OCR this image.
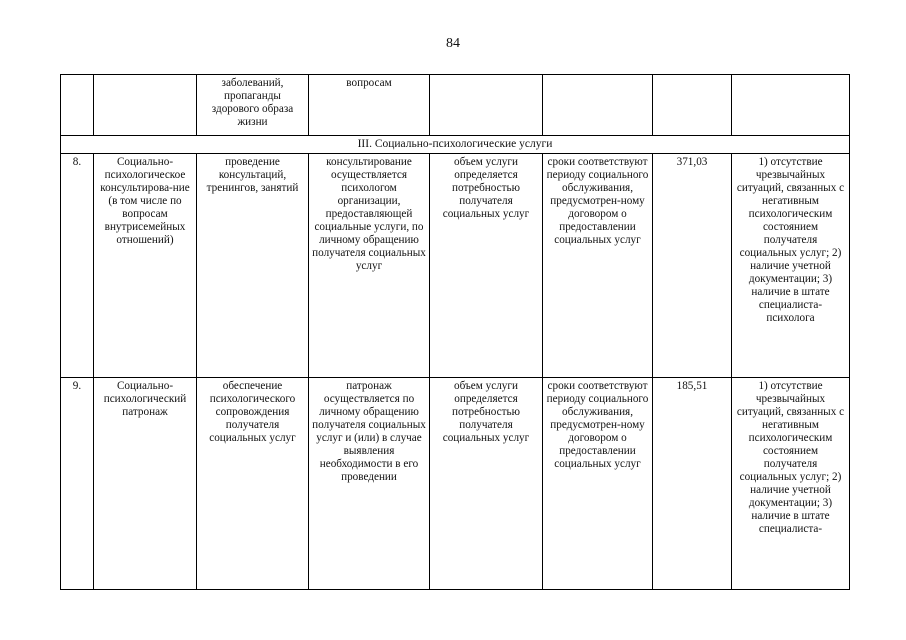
84
		заболеваний, пропаганды здорового образа жизни	вопросам				
III. Социально-психологические услуги							
8.	Социально-психологическое консультирова-ние (в том числе по вопросам внутрисемейных отношений)	проведение консультаций, тренингов, занятий	консультирование осуществляется психологом организации, предоставляющей социальные услуги, по личному обращению получателя социальных услуг	объем услуги определяется потребностью получателя социальных услуг	сроки соответствуют периоду социального обслуживания, предусмотрен-ному договором о предоставлении социальных услуг	371,03	1) отсутствие чрезвычайных ситуаций, связанных с негативным психологическим состоянием получателя социальных услуг; 2) наличие учетной документации; 3) наличие в штате специалиста-психолога
9.	Социально-психологический патронаж	обеспечение психологического сопровождения получателя социальных услуг	патронаж осуществляется по личному обращению получателя социальных услуг и (или) в случае выявления необходимости в его проведении	объем услуги определяется потребностью получателя социальных услуг	сроки соответствуют периоду социального обслуживания, предусмотрен-ному договором о предоставлении социальных услуг	185,51	1) отсутствие чрезвычайных ситуаций, связанных с негативным психологическим состоянием получателя социальных услуг; 2) наличие учетной документации; 3) наличие в штате специалиста-
